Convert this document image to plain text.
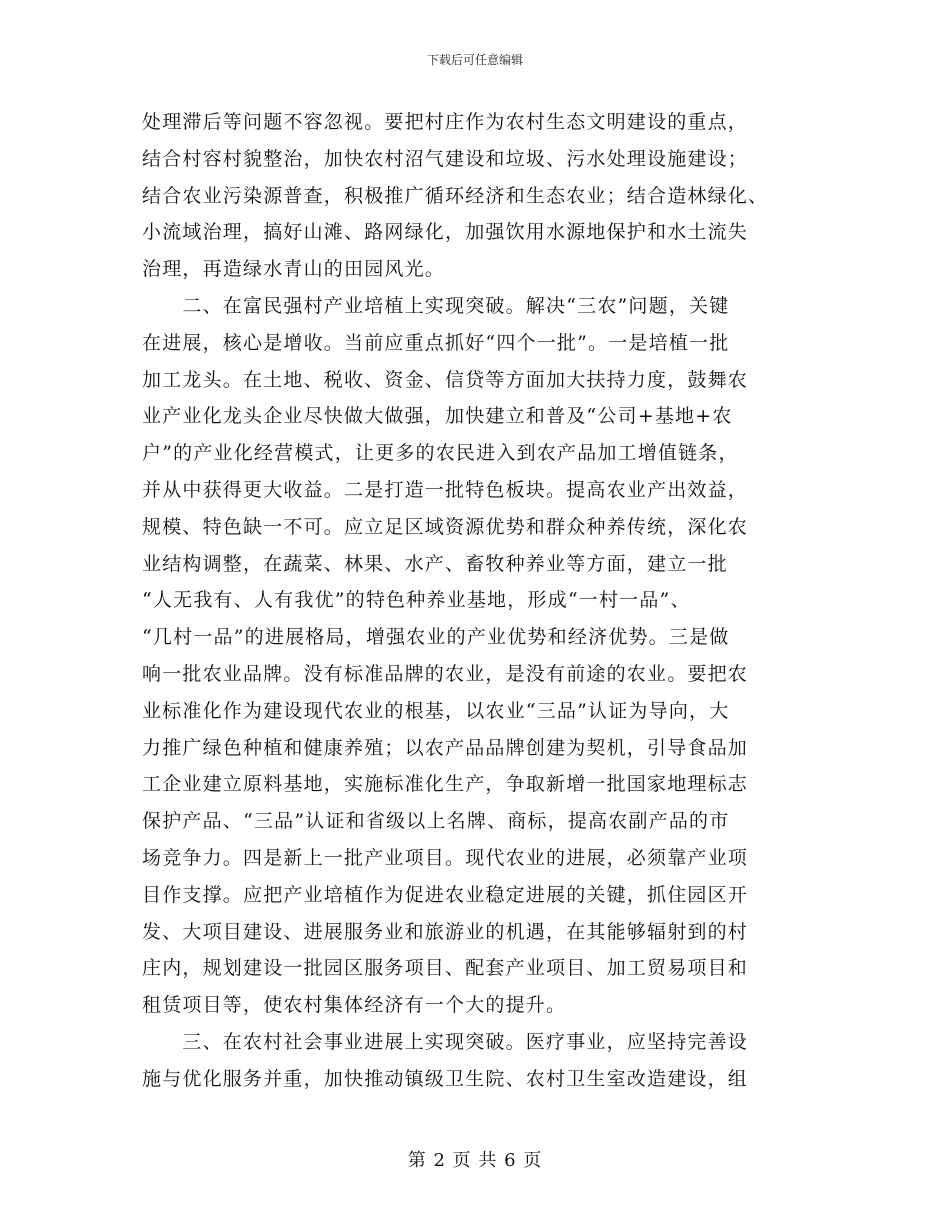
下载后可任意编辑
处理滞后等问题不容忽视。要把村庄作为农村生态文明建设的重点，
结合村容村貌整治，加快农村沼气建设和垃圾、污水处理设施建设；
结合农业污染源普查，积极推广循环经济和生态农业；结合造林绿化、
小流域治理，搞好山滩、路网绿化，加强饮用水源地保护和水土流失
治理，再造绿水青山的田园风光。
　　二、在富民强村产业培植上实现突破。解决“三农”问题，关键
在进展，核心是增收。当前应重点抓好“四个一批”。一是培植一批
加工龙头。在土地、税收、资金、信贷等方面加大扶持力度，鼓舞农
业产业化龙头企业尽快做大做强，加快建立和普及“公司+基地+农
户”的产业化经营模式，让更多的农民进入到农产品加工增值链条，
并从中获得更大收益。二是打造一批特色板块。提高农业产出效益，
规模、特色缺一不可。应立足区域资源优势和群众种养传统，深化农
业结构调整，在蔬菜、林果、水产、畜牧种养业等方面，建立一批
“人无我有、人有我优”的特色种养业基地，形成“一村一品”、
“几村一品”的进展格局，增强农业的产业优势和经济优势。三是做
响一批农业品牌。没有标准品牌的农业，是没有前途的农业。要把农
业标准化作为建设现代农业的根基，以农业“三品”认证为导向，大
力推广绿色种植和健康养殖；以农产品品牌创建为契机，引导食品加
工企业建立原料基地，实施标准化生产，争取新增一批国家地理标志
保护产品、“三品”认证和省级以上名牌、商标，提高农副产品的市
场竞争力。四是新上一批产业项目。现代农业的进展，必须靠产业项
目作支撑。应把产业培植作为促进农业稳定进展的关键，抓住园区开
发、大项目建设、进展服务业和旅游业的机遇，在其能够辐射到的村
庄内，规划建设一批园区服务项目、配套产业项目、加工贸易项目和
租赁项目等，使农村集体经济有一个大的提升。
　　三、在农村社会事业进展上实现突破。医疗事业，应坚持完善设
施与优化服务并重，加快推动镇级卫生院、农村卫生室改造建设，组
第 2 页 共 6 页
